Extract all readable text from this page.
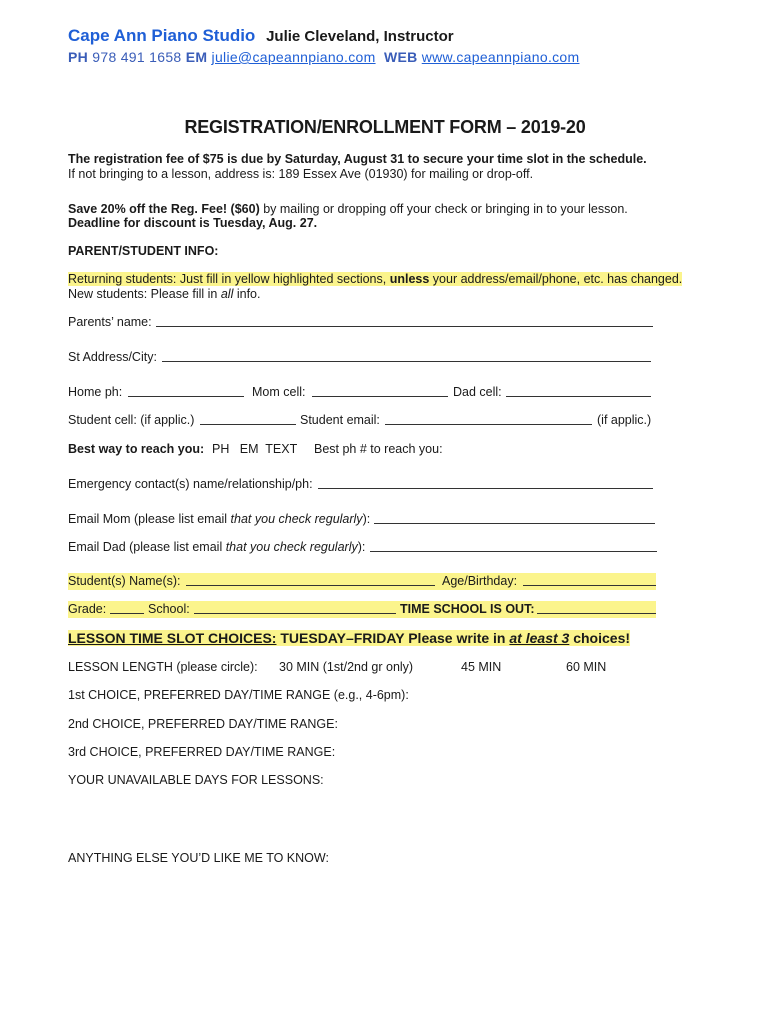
Cape Ann Piano Studio Julie Cleveland, Instructor
PH 978 491 1658 EM julie@capeannpiano.com WEB www.capeannpiano.com
REGISTRATION/ENROLLMENT FORM – 2019-20
The registration fee of $75 is due by Saturday, August 31 to secure your time slot in the schedule.
If not bringing to a lesson, address is: 189 Essex Ave (01930) for mailing or drop-off.
Save 20% off the Reg. Fee! ($60) by mailing or dropping off your check or bringing in to your lesson.
Deadline for discount is Tuesday, Aug. 27.
PARENT/STUDENT INFO:
Returning students: Just fill in yellow highlighted sections, unless your address/email/phone, etc. has changed.
New students: Please fill in all info.
Parents’ name:
St Address/City:
Home ph:	Mom cell:	Dad cell:
Student cell: (if applic.)	Student email:	(if applic.)
Best way to reach you: PH   EM  TEXT Best ph # to reach you:
Emergency contact(s) name/relationship/ph:
Email Mom (please list email that you check regularly):
Email Dad (please list email that you check regularly):
Student(s) Name(s):	Age/Birthday:
Grade:	School:	TIME SCHOOL IS OUT:
LESSON TIME SLOT CHOICES: TUESDAY–FRIDAY Please write in at least 3 choices!
LESSON LENGTH (please circle): 30 MIN (1st/2nd gr only)	45 MIN	60 MIN
1st CHOICE, PREFERRED DAY/TIME RANGE (e.g., 4-6pm):
2nd CHOICE, PREFERRED DAY/TIME RANGE:
3rd CHOICE, PREFERRED DAY/TIME RANGE:
YOUR UNAVAILABLE DAYS FOR LESSONS:
ANYTHING ELSE YOU’D LIKE ME TO KNOW:
